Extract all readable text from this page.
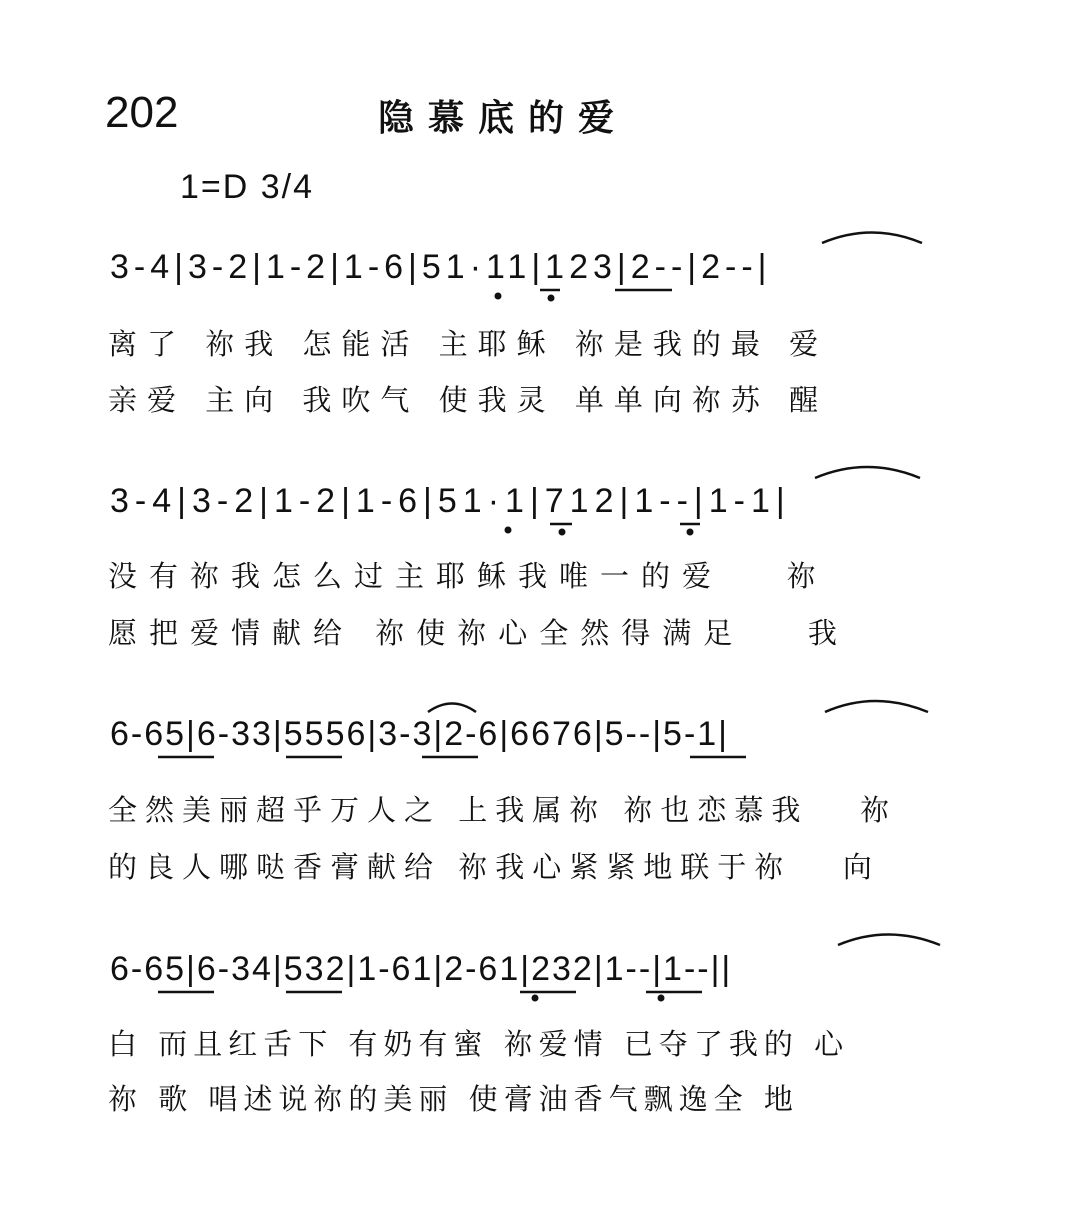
202	隐慕底的爱
1=D 3/4
3-4|3-2|1-2|1-6|51·11|123|2--|2--|
离了 祢我 怎能活 主耶稣 祢是我的最 爱
亲爱 主向 我吹气 使我灵 单单向祢苏 醒
3-4|3-2|1-2|1-6|51·1|712|1--|1-1|
没有祢我怎么过主耶稣我唯一的爱   祢
愿把爱情献给 祢使祢心全然得满足   我
6-65|6-33|5556|3-3|2-6|6676|5--|5-1|
全然美丽超乎万人之 上我属祢 祢也恋慕我   祢
的良人哪哒香膏献给 祢我心紧紧地联于祢   向
6-65|6-34|532|1-61|2-61|232|1--|1--||
白 而且红舌下 有奶有蜜 祢爱情 已夺了我的 心
祢 歌 唱述说祢的美丽 使膏油香气飘逸全 地
